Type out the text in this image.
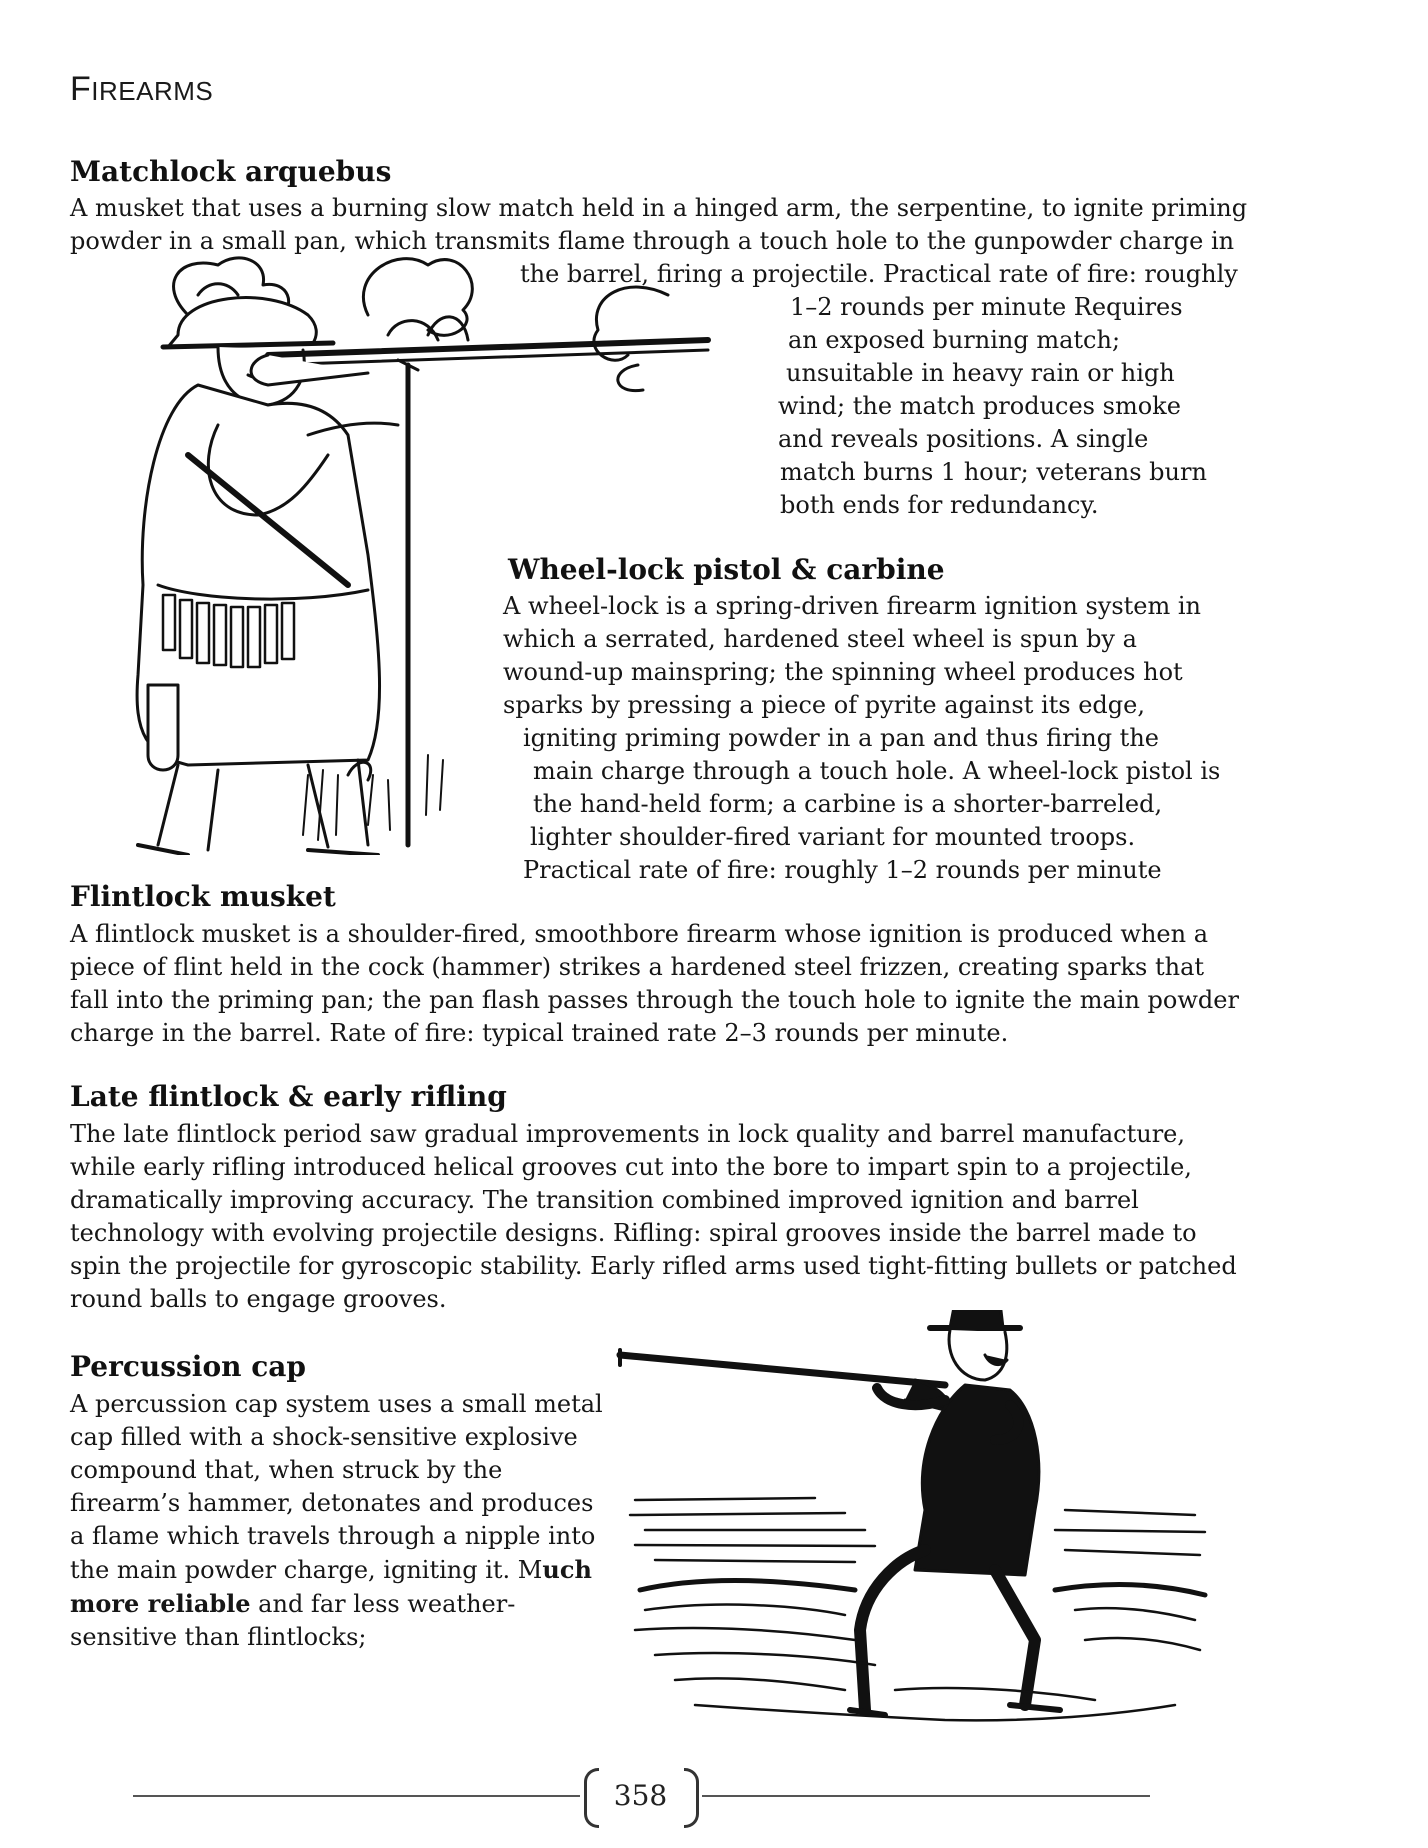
FIREARMS
Matchlock arquebus
A musket that uses a burning slow match held in a hinged arm, the serpentine, to ignite priming
powder in a small pan, which transmits flame through a touch hole to the gunpowder charge in
the barrel, firing a projectile. Practical rate of fire: roughly
1–2 rounds per minute Requires
an exposed burning match;
unsuitable in heavy rain or high
wind; the match produces smoke
and reveals positions. A single
match burns 1 hour; veterans burn
both ends for redundancy.
Wheel-lock pistol & carbine
A wheel-lock is a spring-driven firearm ignition system in
which a serrated, hardened steel wheel is spun by a
wound-up mainspring; the spinning wheel produces hot
sparks by pressing a piece of pyrite against its edge,
igniting priming powder in a pan and thus firing the
main charge through a touch hole. A wheel-lock pistol is
the hand-held form; a carbine is a shorter-barreled,
lighter shoulder-fired variant for mounted troops.
Practical rate of fire: roughly 1–2 rounds per minute
Flintlock musket
A flintlock musket is a shoulder-fired, smoothbore firearm whose ignition is produced when a
piece of flint held in the cock (hammer) strikes a hardened steel frizzen, creating sparks that
fall into the priming pan; the pan flash passes through the touch hole to ignite the main powder
charge in the barrel. Rate of fire: typical trained rate 2–3 rounds per minute.
Late flintlock & early rifling
The late flintlock period saw gradual improvements in lock quality and barrel manufacture,
while early rifling introduced helical grooves cut into the bore to impart spin to a projectile,
dramatically improving accuracy. The transition combined improved ignition and barrel
technology with evolving projectile designs. Rifling: spiral grooves inside the barrel made to
spin the projectile for gyroscopic stability. Early rifled arms used tight-fitting bullets or patched
round balls to engage grooves.
Percussion cap
A percussion cap system uses a small metal
cap filled with a shock-sensitive explosive
compound that, when struck by the
firearm’s hammer, detonates and produces
a flame which travels through a nipple into
the main powder charge, igniting it. Much
more reliable and far less weather-
sensitive than flintlocks;
358
